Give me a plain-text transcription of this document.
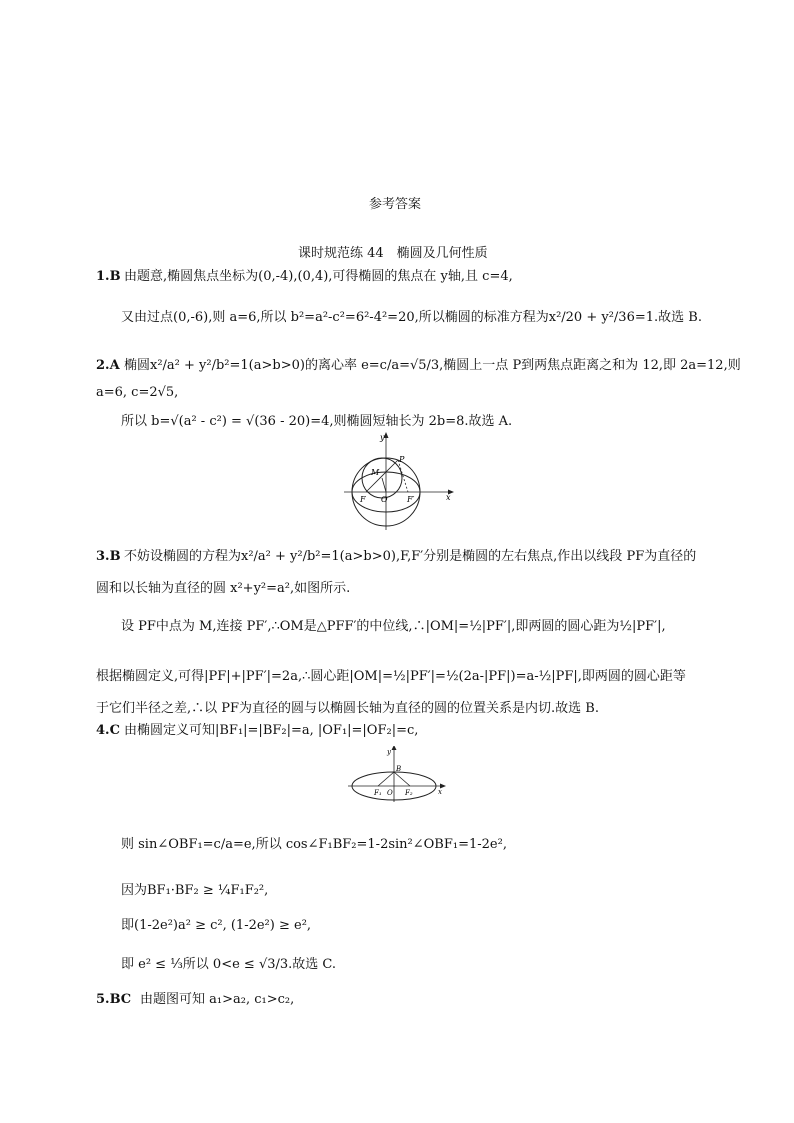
参考答案
课时规范练 44　椭圆及几何性质
1.B 由题意,椭圆焦点坐标为(0,-4),(0,4),可得椭圆的焦点在 y轴,且 c=4,
又由过点(0,-6),则 a=6,所以 b²=a²-c²=6²-4²=20,所以椭圆的标准方程为x²/20 + y²/36=1.故选 B.
2.A 椭圆x²/a² + y²/b²=1(a>b>0)的离心率 e=c/a=√5/3,椭圆上一点 P到两焦点距离之和为 12,即 2a=12,则
a=6, c=2√5,
所以 b=√(a² - c²) = √(36 - 20)=4,则椭圆短轴长为 2b=8.故选 A.
y
x
P
M
F O F′
3.B 不妨设椭圆的方程为x²/a² + y²/b²=1(a>b>0),F,F′分别是椭圆的左右焦点,作出以线段 PF为直径的
圆和以长轴为直径的圆 x²+y²=a²,如图所示.
设 PF中点为 M,连接 PF′,∴OM是△PFF′的中位线,∴|OM|=½|PF′|,即两圆的圆心距为½|PF′|,
根据椭圆定义,可得|PF|+|PF′|=2a,∴圆心距|OM|=½|PF′|=½(2a-|PF|)=a-½|PF|,即两圆的圆心距等
于它们半径之差,∴以 PF为直径的圆与以椭圆长轴为直径的圆的位置关系是内切.故选 B.
4.C 由椭圆定义可知|BF₁|=|BF₂|=a, |OF₁|=|OF₂|=c,
y
B
F₁ O F₂	x
则 sin∠OBF₁=c/a=e,所以 cos∠F₁BF₂=1-2sin²∠OBF₁=1-2e²,
因为BF₁·BF₂ ≥ ¼F₁F₂²,
即(1-2e²)a² ≥ c², (1-2e²) ≥ e²,
即 e² ≤ ⅓所以 0<e ≤ √3/3.故选 C.
5.BC 由题图可知 a₁>a₂, c₁>c₂,
